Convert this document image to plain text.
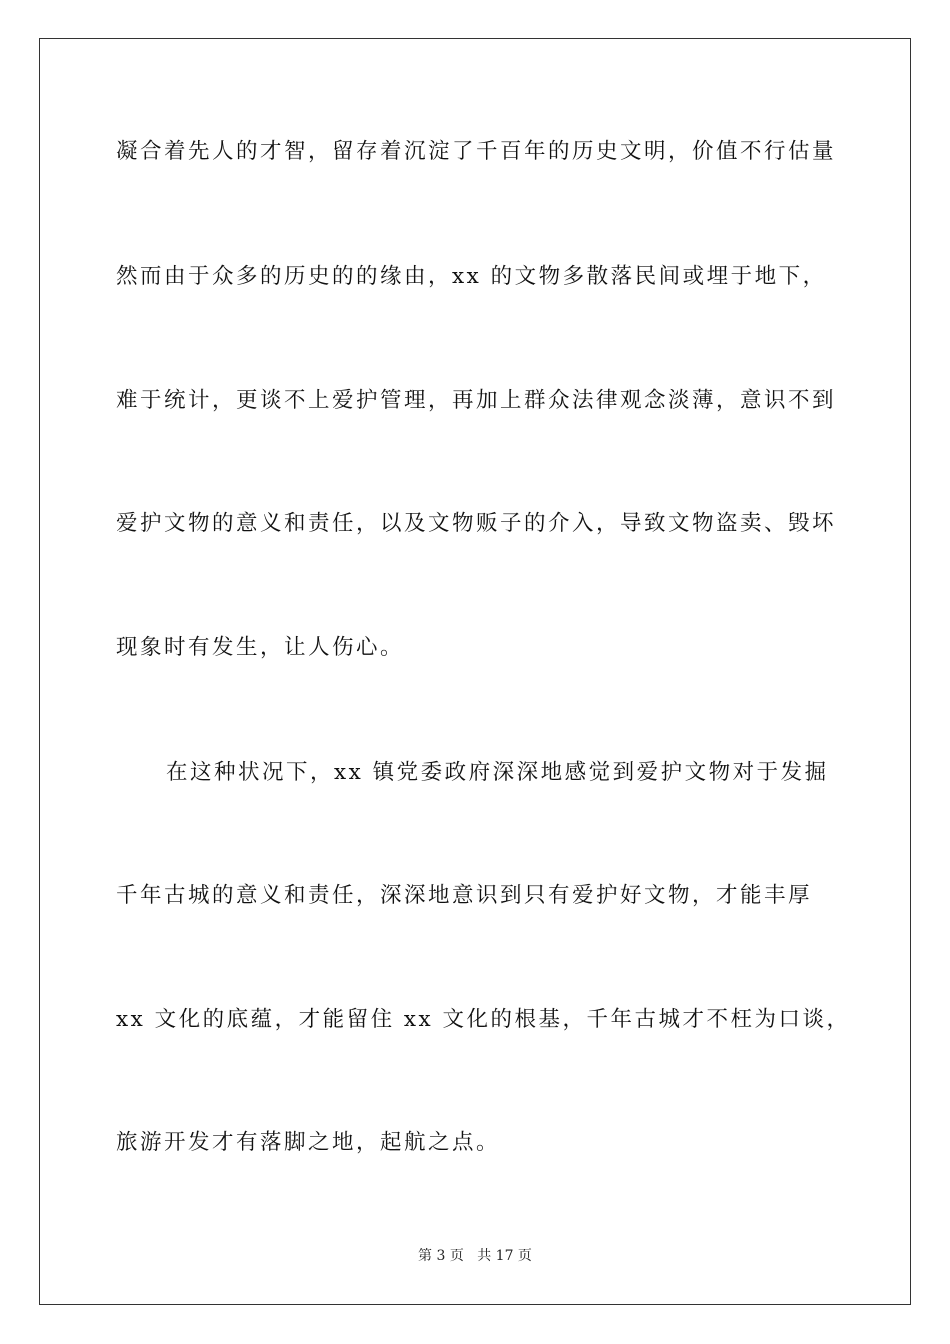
凝合着先人的才智，留存着沉淀了千百年的历史文明，价值不行估量
然而由于众多的历史的的缘由，xx 的文物多散落民间或埋于地下，
难于统计，更谈不上爱护管理，再加上群众法律观念淡薄，意识不到
爱护文物的意义和责任，以及文物贩子的介入，导致文物盗卖、毁坏
现象时有发生，让人伤心。
在这种状况下，xx 镇党委政府深深地感觉到爱护文物对于发掘
千年古城的意义和责任，深深地意识到只有爱护好文物，才能丰厚
xx 文化的底蕴，才能留住 xx 文化的根基，千年古城才不枉为口谈，
旅游开发才有落脚之地，起航之点。
第 3 页 共 17 页
